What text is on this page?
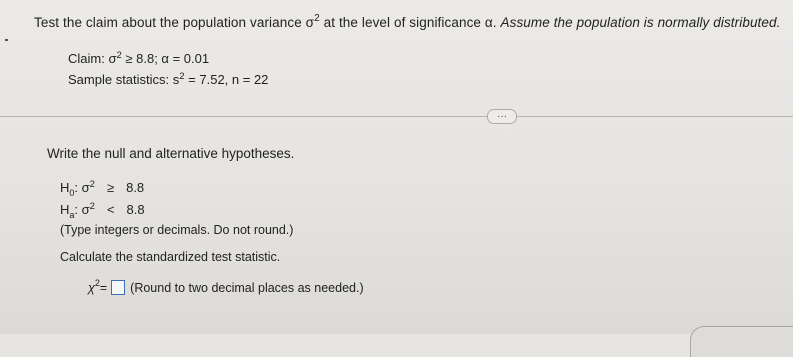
Test the claim about the population variance $\sigma^2$ at the level of significance α. Assume the population is normally distributed.
Claim: $\sigma^2 \ge 8.8$; α = 0.01
Sample statistics: $s^2 = 7.52$, n = 22
···
Write the null and alternative hypotheses.
$H_0$: $\sigma^2 \ge 8.8$
$H_a$: $\sigma^2 < 8.8$
(Type integers or decimals. Do not round.)
Calculate the standardized test statistic.
χ 2 = (Round to two decimal places as needed.)
